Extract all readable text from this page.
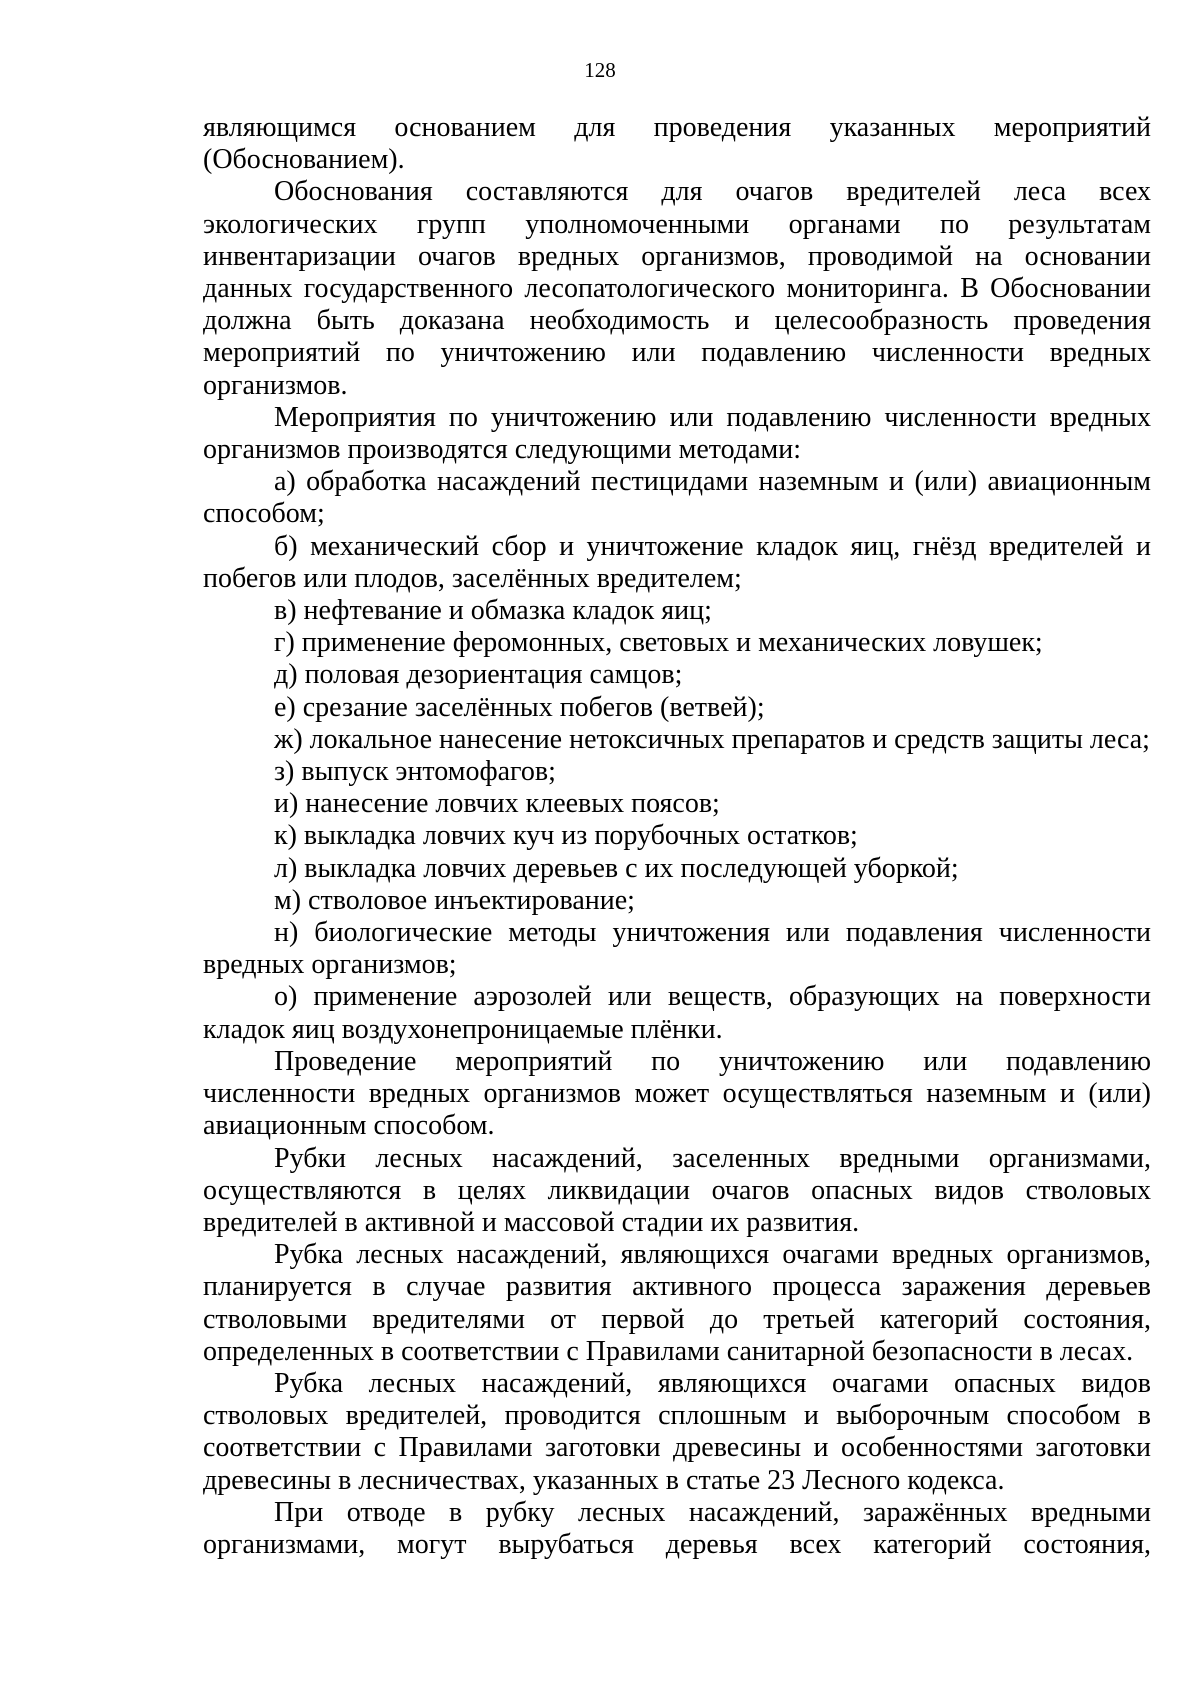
128

являющимся основанием для проведения указанных мероприятий (Обоснованием).

Обоснования составляются для очагов вредителей леса всех экологических групп уполномоченными органами по результатам инвентаризации очагов вредных организмов, проводимой на основании данных государственного лесопатологического мониторинга. В Обосновании должна быть доказана необходимость и целесообразность проведения мероприятий по уничтожению или подавлению численности вредных организмов.

Мероприятия по уничтожению или подавлению численности вредных организмов производятся следующими методами:

а) обработка насаждений пестицидами наземным и (или) авиационным способом;

б) механический сбор и уничтожение кладок яиц, гнёзд вредителей и побегов или плодов, заселённых вредителем;

в) нефтевание и обмазка кладок яиц;

г) применение феромонных, световых и механических ловушек;

д) половая дезориентация самцов;

е) срезание заселённых побегов (ветвей);

ж) локальное нанесение нетоксичных препаратов и средств защиты леса;

з) выпуск энтомофагов;

и) нанесение ловчих клеевых поясов;

к) выкладка ловчих куч из порубочных остатков;

л) выкладка ловчих деревьев с их последующей уборкой;

м) стволовое инъектирование;

н) биологические методы уничтожения или подавления численности вредных организмов;

о) применение аэрозолей или веществ, образующих на поверхности кладок яиц воздухонепроницаемые плёнки.

Проведение мероприятий по уничтожению или подавлению численности вредных организмов может осуществляться наземным и (или) авиационным способом.

Рубки лесных насаждений, заселенных вредными организмами, осуществляются в целях ликвидации очагов опасных видов стволовых вредителей в активной и массовой стадии их развития.

Рубка лесных насаждений, являющихся очагами вредных организмов, планируется в случае развития активного процесса заражения деревьев стволовыми вредителями от первой до третьей категорий состояния, определенных в соответствии с Правилами санитарной безопасности в лесах.

Рубка лесных насаждений, являющихся очагами опасных видов стволовых вредителей, проводится сплошным и выборочным способом в соответствии с Правилами заготовки древесины и особенностями заготовки древесины в лесничествах, указанных в статье 23 Лесного кодекса.

При отводе в рубку лесных насаждений, заражённых вредными организмами, могут вырубаться деревья всех категорий состояния,
